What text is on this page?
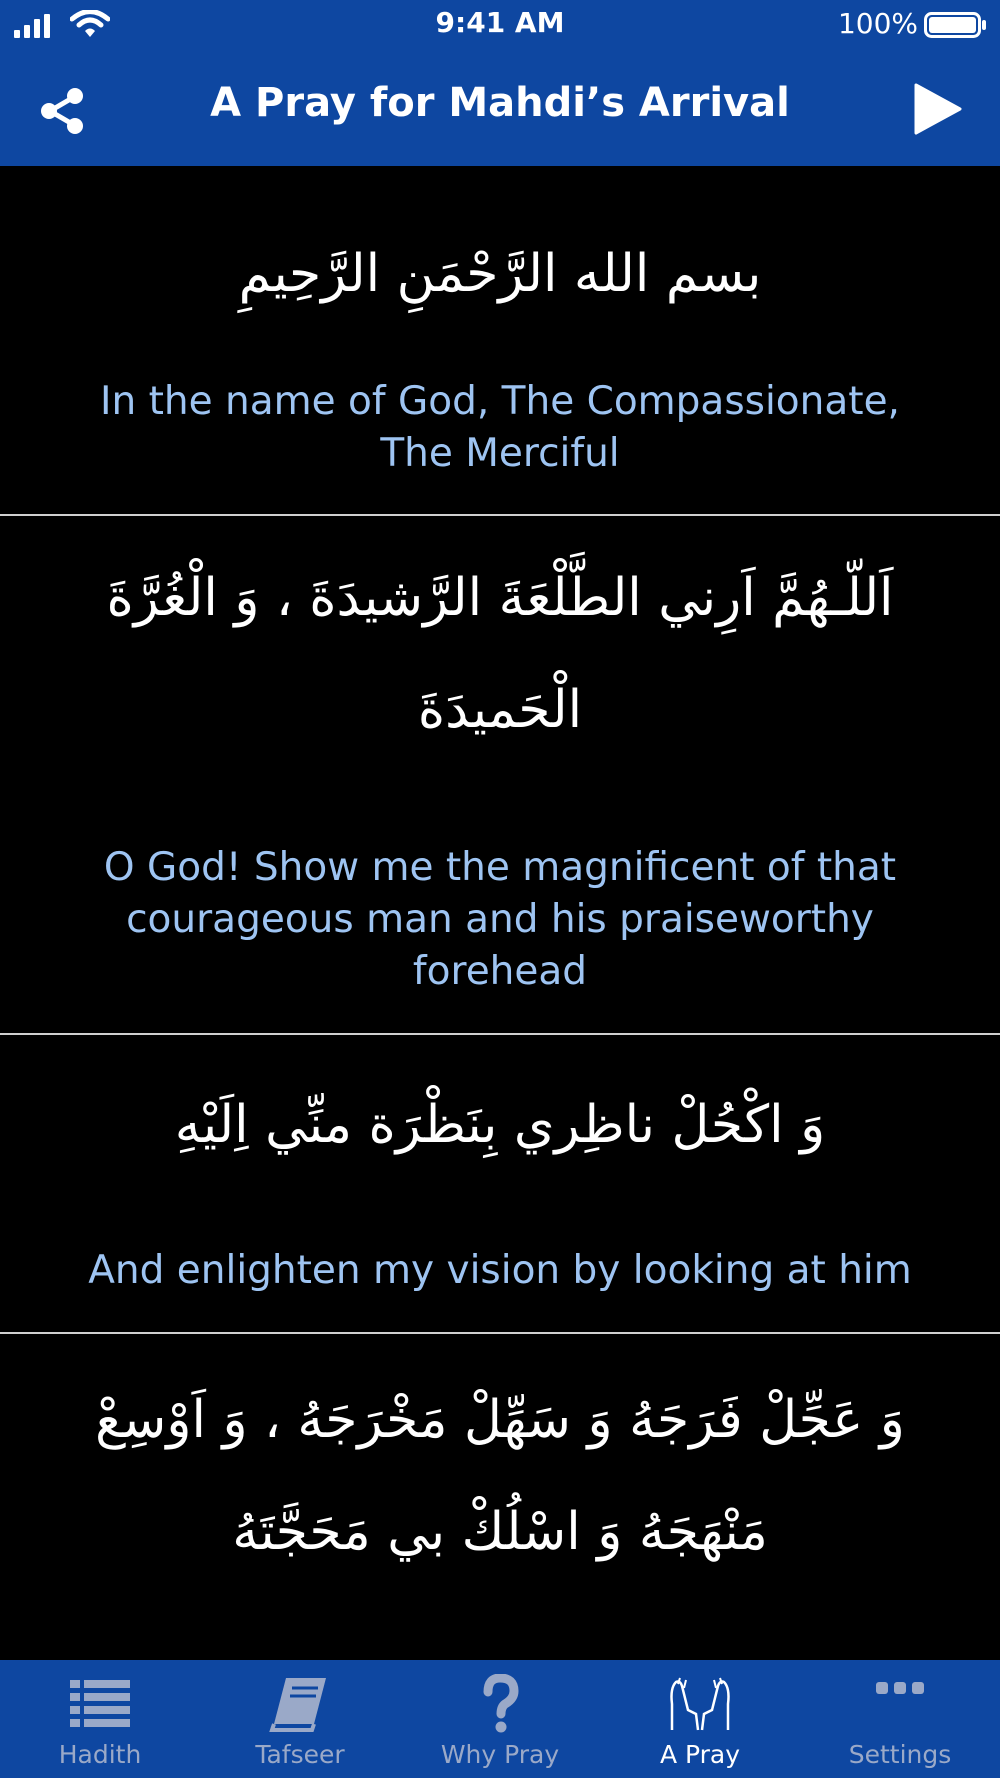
9:41 AM	100%
A Pray for Mahdi’s Arrival
بسم الله الرَّحْمَنِ الرَّحِيمِ
In the name of God, The Compassionate, The Merciful
اَللّـهُمَّ اَرِني الطَّلْعَةَ الرَّشيدَةَ ، وَ الْغُرَّةَ الْحَميدَةَ
O God! Show me the magnificent of that courageous man and his praiseworthy forehead
وَ اكْحُلْ ناظِري بِنَظْرَة منِّي اِلَيْهِ
And enlighten my vision by looking at him
وَ عَجِّلْ فَرَجَهُ وَ سَهِّلْ مَخْرَجَهُ ، وَ اَوْسِعْ مَنْهَجَهُ وَ اسْلُكْ بي مَحَجَّتَهُ
Hadith	Tafseer	Why Pray	A Pray	Settings
